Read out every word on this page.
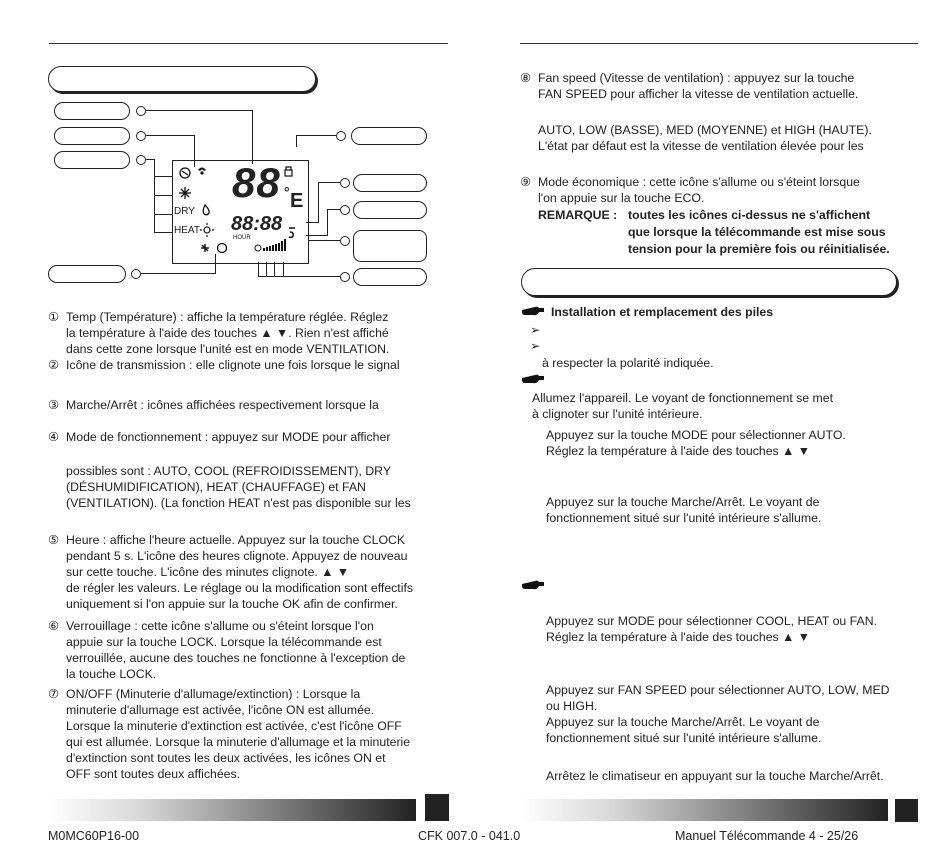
DRY
HEAT
88 ° E
88:88
HOUR
① Temp (Température) : affiche la température réglée. Réglez
la température à l'aide des touches ▲ ▼. Rien n'est affiché
dans cette zone lorsque l'unité est en mode VENTILATION.
② Icône de transmission : elle clignote une fois lorsque le signal
③ Marche/Arrêt : icônes affichées respectivement lorsque la
④ Mode de fonctionnement : appuyez sur MODE pour afficher
possibles sont : AUTO, COOL (REFROIDISSEMENT), DRY
(DÉSHUMIDIFICATION), HEAT (CHAUFFAGE) et FAN
(VENTILATION). (La fonction HEAT n'est pas disponible sur les
⑤ Heure : affiche l'heure actuelle. Appuyez sur la touche CLOCK
pendant 5 s. L'icône des heures clignote. Appuyez de nouveau
sur cette touche. L'icône des minutes clignote. ▲ ▼
de régler les valeurs. Le réglage ou la modification sont effectifs
uniquement si l'on appuie sur la touche OK afin de confirmer.
⑥ Verrouillage : cette icône s'allume ou s'éteint lorsque l'on
appuie sur la touche LOCK. Lorsque la télécommande est
verrouillée, aucune des touches ne fonctionne à l'exception de
la touche LOCK.
⑦ ON/OFF (Minuterie d'allumage/extinction) : Lorsque la
minuterie d'allumage est activée, l'icône ON est allumée.
Lorsque la minuterie d'extinction est activée, c'est l'icône OFF
qui est allumée. Lorsque la minuterie d'allumage et la minuterie
d'extinction sont toutes les deux activées, les icônes ON et
OFF sont toutes deux affichées.
⑧ Fan speed (Vitesse de ventilation) : appuyez sur la touche
FAN SPEED pour afficher la vitesse de ventilation actuelle.
AUTO, LOW (BASSE), MED (MOYENNE) et HIGH (HAUTE).
L'état par défaut est la vitesse de ventilation élevée pour les
⑨ Mode économique : cette icône s'allume ou s'éteint lorsque
l'on appuie sur la touche ECO.
REMARQUE : toutes les icônes ci-dessus ne s'affichent
que lorsque la télécommande est mise sous
tension pour la première fois ou réinitialisée.
Installation et remplacement des piles
➢
➢
à respecter la polarité indiquée.
Allumez l'appareil. Le voyant de fonctionnement se met
à clignoter sur l'unité intérieure.
Appuyez sur la touche MODE pour sélectionner AUTO.
Réglez la température à l'aide des touches ▲ ▼
Appuyez sur la touche Marche/Arrêt. Le voyant de
fonctionnement situé sur l'unité intérieure s'allume.
Appuyez sur MODE pour sélectionner COOL, HEAT ou FAN.
Réglez la température à l'aide des touches ▲ ▼
Appuyez sur FAN SPEED pour sélectionner AUTO, LOW, MED
ou HIGH.
Appuyez sur la touche Marche/Arrêt. Le voyant de
fonctionnement situé sur l'unité intérieure s'allume.
Arrêtez le climatiseur en appuyant sur la touche Marche/Arrêt.
M0MC60P16-00	CFK 007.0 - 041.0	Manuel Télécommande 4 - 25/26
